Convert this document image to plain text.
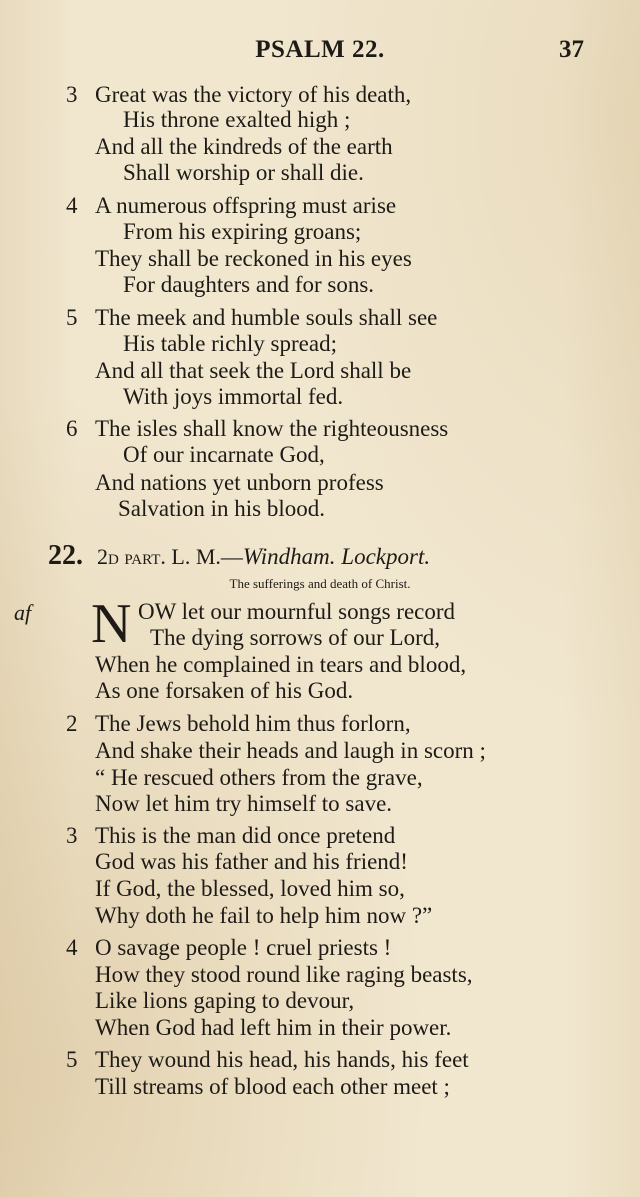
PSALM 22.	37
3 Great was the victory of his death,
His throne exalted high ;
And all the kindreds of the earth
Shall worship or shall die.
4 A numerous offspring must arise
From his expiring groans;
They shall be reckoned in his eyes
For daughters and for sons.
5 The meek and humble souls shall see
His table richly spread;
And all that seek the Lord shall be
With joys immortal fed.
6 The isles shall know the righteousness
Of our incarnate God,
And nations yet unborn profess
Salvation in his blood.
22. 2d part. L. M.—Windham. Lockport.
The sufferings and death of Christ.
af N OW let our mournful songs record
The dying sorrows of our Lord,
When he complained in tears and blood,
As one forsaken of his God.
2 The Jews behold him thus forlorn,
And shake their heads and laugh in scorn ;
“ He rescued others from the grave,
Now let him try himself to save.
3 This is the man did once pretend
God was his father and his friend!
If God, the blessed, loved him so,
Why doth he fail to help him now ?”
4 O savage people ! cruel priests !
How they stood round like raging beasts,
Like lions gaping to devour,
When God had left him in their power.
5 They wound his head, his hands, his feet
Till streams of blood each other meet ;
